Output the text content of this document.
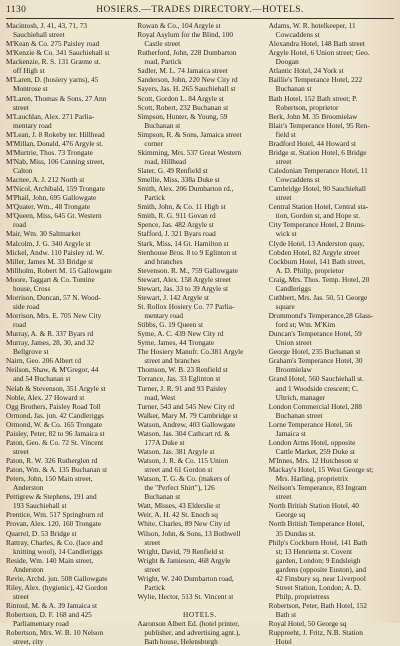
1130	HOSIERS.—TRADES DIRECTORY.—HOTELS.
Macintosh, J. 41, 43, 71, 73
Sauchiehall street
M'Kean & Co. 275 Paisley road
M'Kenzie & Co. 341 Sauchiehall st
Mackenzie, R. S. 131 Græme st.
off High st
M'Laren, D. (hosiery yarns), 45
Montrose st
M'Laren, Thomas & Sons, 27 Ann
street
M'Lauchlan, Alex. 271 Parlia-
mentary road
M'Lean, J. 8 Rokeby ter. Hillhead
M'Millan, Donald, 476 Argyle st.
M'Murtrie, Thos. 73 Trongate
M'Nab, Miss, 106 Canning street,
Calton
Macnee, A. J. 212 North st
M'Nicol, Archibald, 159 Trongate
M'Phail, John, 695 Gallowgate
M'Quater, Wm., 48 Trongate
M'Queen, Miss, 645 Gt. Western
road
Mair, Wm. 30 Saltmarket
Malcolm, J. G. 340 Argyle st
Mickel, Andw. 110 Paisley rd. W.
Miller, James M. 33 Bridge st
Millholm, Robert M. 15 Gallowgate
Moore, Taggart & Co. Tontine
house, Cross
Morrison, Duncan, 57 N. Wood-
side road
Morrison, Mrs. E. 705 New City
road
Murray, A. & R. 337 Byars rd
Murray, James, 28, 30, and 32
Bellgrove st
Nairn, Geo. 206 Albert rd
Neilson, Shaw, & M'Gregor, 44
and 54 Buchanan st
Nelab & Stevenson, 351 Argyle st
Noble, Alex. 27 Howard st
Ogg Brothers, Paisley Road Toll
Ormond, Jas. jun. 42 Candleriggs
Ormond, W. & Co. 165 Trongate
Paisley, Peter, 82 to 96 Jamaica st
Paton, Geo. & Co. 72 St. Vincent
street
Paton, R. W. 326 Rutherglen rd
Paton, Wm. & A. 135 Buchanan st
Peters, John, 150 Main street,
Anderston
Pettigrew & Stephens, 191 and
193 Sauchiehall st
Prentice, Wm. 517 Springburn rd
Provan, Alex. 120, 160 Trongate
Quarrel, D. 53 Bridge st
Rattray, Charles, & Co. (lace and
knitting wool), 14 Candleriggs
Reside, Wm. 140 Main street,
Anderston
Revie, Archd. jun. 508 Gallowgate
Riley, Alex. (hygienic), 42 Gordon
street
Rintoul, M. & A. 39 Jamaica st
Robertson, D. F. 168 and 425
Parliamentary road
Robertson, Mrs. W. B. 10 Nelson
street, city
Rowan & Co., 104 Argyle st
Royal Asylum for the Blind, 100
Castle street
Rutherford, John, 228 Dumbarton
road, Partick
Sadler, M. L. 74 Jamaica street
Sanderson, John, 220 New City rd
Sayers, Jas. H. 265 Sauchiehall st
Scott, Gordon L. 84 Argyle st
Scott, Robert, 232 Buchanan st
Simpson, Hunter, & Young, 59
Buchanan st
Simpson, R. & Sons, Jamaica street
corner
Skimming, Mrs. 537 Great Western
road, Hillhead
Slater, G. 49 Renfield st
Smellie, Miss, 338a Duke st
Smith, Alex. 206 Dumbarton rd.,
Partick
Smith, John, & Co. 11 High st
Smith, R. G. 911 Govan rd
Spence, Jas. 482 Argyle st
Stafford, J. 321 Byars road
Stark, Miss, 14 Gt. Hamilton st
Stenhouse Bros. 8 to 9 Eglinton st
and branches
Stevenson. R. M., 759 Gallowgate
Stewart, Alex. 158 Argyle street
Stewart, Jas. 33 to 39 Argyle st
Stewart, J. 142 Argyle st
St. Rollox Hosiery Co. 77 Parlia-
mentary road
Stibbs, G. 19 Queen st
Syme, A. C. 439 New City rd
Syme, James, 44 Trongate
The Hosiery Manufr. Co.381 Argyle
street and branches
Thomson, W. B. 23 Renfield st
Torrance, Jas. 33 Eglinton st
Turner, J. R. 91 and 93 Paisley
road, West
Turner, 543 and 545 New City rd
Walker, Mary M. 79 Cambridge st
Watson, Andrew, 403 Gallowgate
Watson, Jas. 304 Cathcart rd. &
177A Duke st
Watson, Jas. 381 Argyle st
Watson, J. R. & Co. 115 Union
street and 61 Gordon st
Watson, T. G. & Co. (makers of
the "Perfect Shirt"), 126
Buchanan st
Watt, Misses, 43 Elderslie st
Weir, A. H. 42 St. Enoch sq
White, Charles, 89 New City rd
Wilson, John, & Sons, 13 Bothwell
street
Wright, David, 79 Renfield st
Wright & Jamieson, 468 Argyle
street
Wright, W. 240 Dumbarton road,
Partick
Wylie, Hector, 513 St. Vincent st
HOTELS.
Aaronson Albert Ed. (hotel printer,
publisher, and advertising agnt.),
Bath house, Helensburgh
Adams, W. R. hotelkeeper, 11
Cowcaddens st
Alexandra Hotel, 148 Bath street
Argyle Hotel, 6 Union street; Geo.
Doogan
Atlantic Hotel, 24 York st
Baillie's Temperance Hotel, 222
Buchanan st
Bath Hotel, 152 Bath street; P.
Robertson, proprietor
Berk, John M. 35 Broomielaw
Blair's Temperance Hotel, 95 Ren-
field st
Bradford Hotel, 44 Howard st
Bridge st. Station Hotel, 6 Bridge
street
Caledonian Temperance Hotel, 11
Cowcaddens st
Cambridge Hotel, 90 Sauchiehall
street
Central Station Hotel, Central sta-
tion, Gordon st, and Hope st.
City Temperance Hotel, 2 Bruns-
wick st
Clyde Hotel, 13 Anderston quay,
Cobden Hotel, 82 Argyle street
Cockburn Hotel, 141 Bath street,
A. D. Philip, proprietor
Craig, Mrs. Thos. Temp. Hotel, 20
Candleriggs
Cuthbert, Mrs. Jas. 50, 51 George
square
Drummond's Temperance,28 Glass-
ford st; Wm. M'Kim
Duncan's Temperance Hotel, 59
Union street
George Hotel, 235 Buchanan st
Graham's Temperance Hotel, 30
Broomielaw
Grand Hotel, 560 Sauchiehall st.
and 1 Woodside crescent; C.
Ultrich, manager
London Commercial Hotel, 288
Buchanan street
Lorne Temperance Hotel, 56
Jamaica st
London Arms Hotel, opposite
Cattle Market, 259 Duke st
M'Innes, Mrs. 12 Hutcheson st
Mackay's Hotel, 15 West George st;
Mrs. Harling, proprietrix
Neilson's Temperance, 83 Ingram
street
North British Station Hotel, 40
George sq
North British Temperance Hotel,
35 Dundas st.
Philp's Cockburn Hotel, 141 Bath
st; 13 Henrietta st. Covent
garden, London; 9 Endsleigh
gardens (opposite Euston), and
42 Finsbury sq. near Liverpool
Street Station, London; A. D.
Philp, proprietress
Robertson, Peter, Bath Hotel, 152
Bath st
Royal Hotel, 50 George sq
Ruppreeht, J. Fritz, N.B. Station
Hotel
